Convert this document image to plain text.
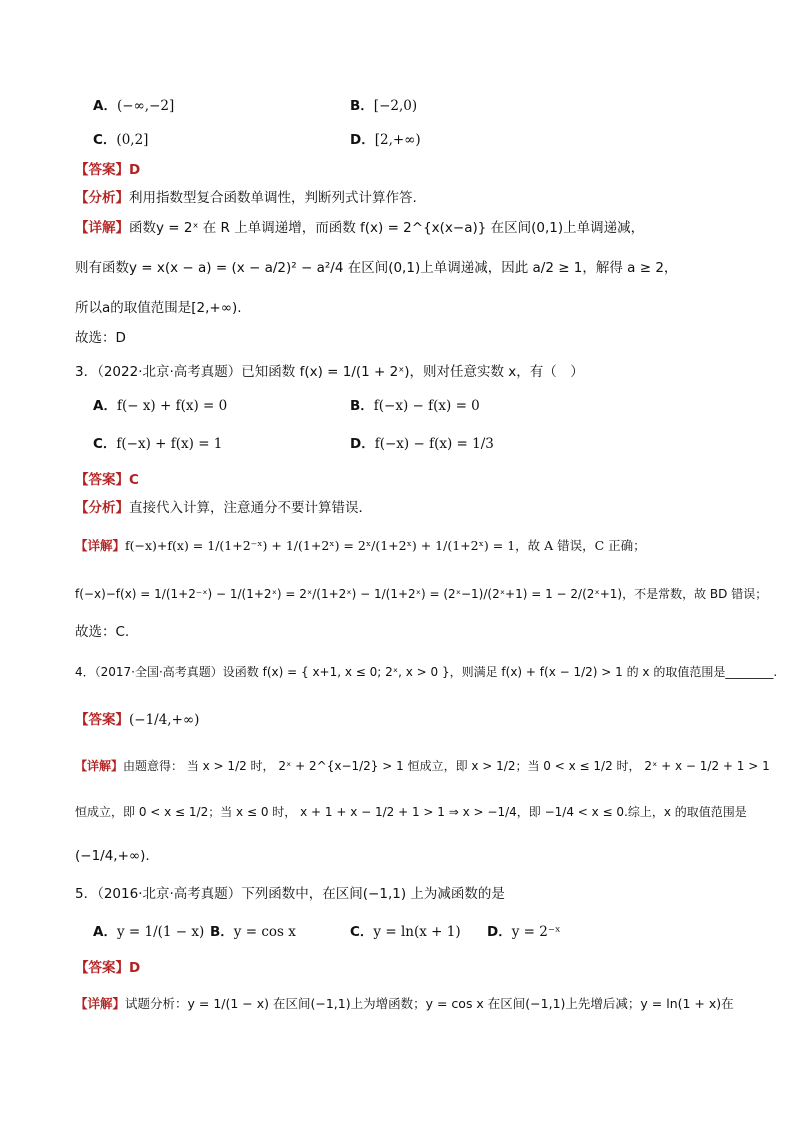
A．(−∞,−2]	B．[−2,0)
C．(0,2]	D．[2,+∞)
【答案】D
【分析】利用指数型复合函数单调性，判断列式计算作答.
【详解】函数y = 2ˣ 在 R 上单调递增，而函数 f(x) = 2^{x(x−a)} 在区间(0,1)上单调递减，
则有函数y = x(x − a) = (x − a/2)² − a²/4 在区间(0,1)上单调递减，因此 a/2 ≥ 1，解得 a ≥ 2，
所以a的取值范围是[2,+∞).
故选：D
3．（2022·北京·高考真题）已知函数 f(x) = 1/(1 + 2ˣ)，则对任意实数 x，有（　）
A．f(− x) + f(x) = 0	B．f(−x) − f(x) = 0
C．f(−x) + f(x) = 1	D．f(−x) − f(x) = 1/3
【答案】C
【分析】直接代入计算，注意通分不要计算错误．
【详解】f(−x)+f(x) = 1/(1+2⁻ˣ) + 1/(1+2ˣ) = 2ˣ/(1+2ˣ) + 1/(1+2ˣ) = 1，故 A 错误，C 正确；
f(−x)−f(x) = 1/(1+2⁻ˣ) − 1/(1+2ˣ) = 2ˣ/(1+2ˣ) − 1/(1+2ˣ) = (2ˣ−1)/(2ˣ+1) = 1 − 2/(2ˣ+1)，不是常数，故 BD 错误；
故选：C.
4．（2017·全国·高考真题）设函数 f(x) = { x+1, x ≤ 0; 2ˣ, x > 0 }，则满足 f(x) + f(x − 1/2) > 1 的 x 的取值范围是________.
【答案】(−1/4,+∞)
【详解】由题意得： 当 x > 1/2 时， 2ˣ + 2^{x−1/2} > 1 恒成立，即 x > 1/2；当 0 < x ≤ 1/2 时， 2ˣ + x − 1/2 + 1 > 1
恒成立，即 0 < x ≤ 1/2；当 x ≤ 0 时， x + 1 + x − 1/2 + 1 > 1 ⇒ x > −1/4，即 −1/4 < x ≤ 0.综上，x 的取值范围是
(−1/4,+∞).
5．（2016·北京·高考真题）下列函数中，在区间(−1,1) 上为减函数的是
A．y = 1/(1 − x) B．y = cos x	C．y = ln(x + 1) D．y = 2⁻ˣ
【答案】D
【详解】试题分析：y = 1/(1 − x) 在区间(−1,1)上为增函数；y = cos x 在区间(−1,1)上先增后减；y = ln(1 + x)在
